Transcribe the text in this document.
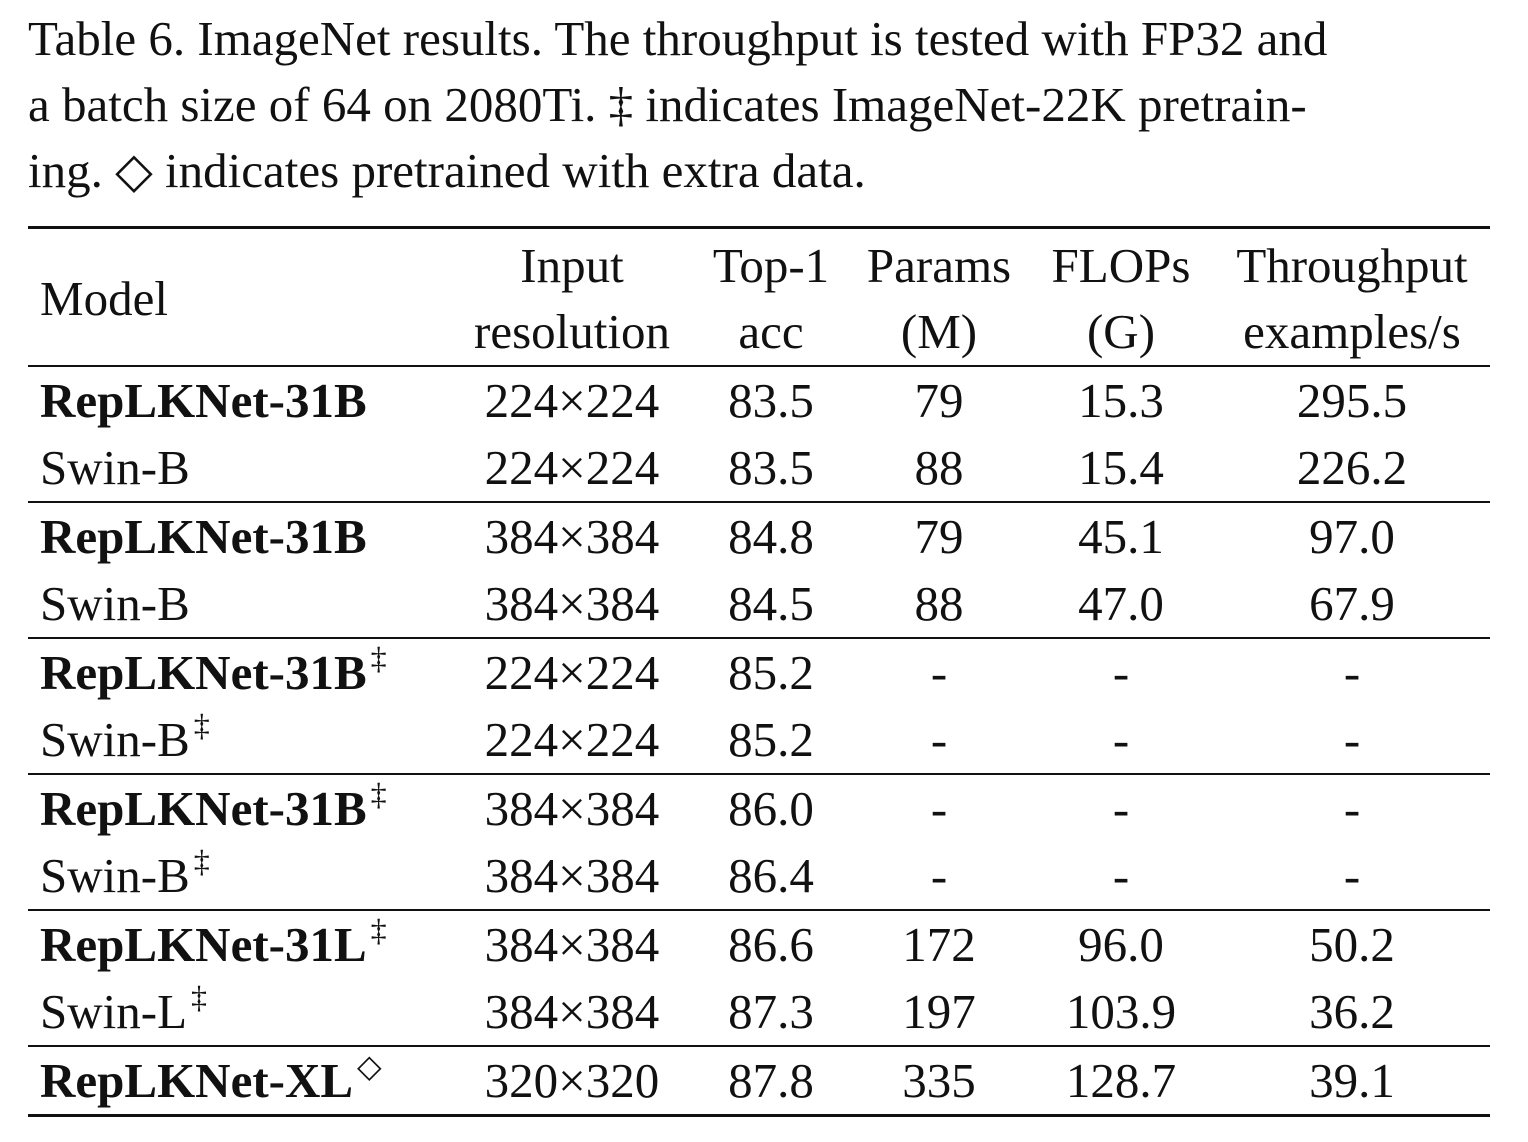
Table 6. ImageNet results. The throughput is tested with FP32 and
a batch size of 64 on 2080Ti. ‡ indicates ImageNet-22K pretrain-
ing. ◇ indicates pretrained with extra data.
Model	Input	Top-1	Params	FLOPs	Throughput
	resolution	acc	(M)	(G)	examples/s
RepLKNet-31B	224×224	83.5	79	15.3	295.5
Swin-B	224×224	83.5	88	15.4	226.2
RepLKNet-31B	384×384	84.8	79	45.1	97.0
Swin-B	384×384	84.5	88	47.0	67.9
RepLKNet-31B ‡	224×224	85.2	-	-	-
Swin-B ‡	224×224	85.2	-	-	-
RepLKNet-31B ‡	384×384	86.0	-	-	-
Swin-B ‡	384×384	86.4	-	-	-
RepLKNet-31L ‡	384×384	86.6	172	96.0	50.2
Swin-L ‡	384×384	87.3	197	103.9	36.2
RepLKNet-XL ◇	320×320	87.8	335	128.7	39.1
